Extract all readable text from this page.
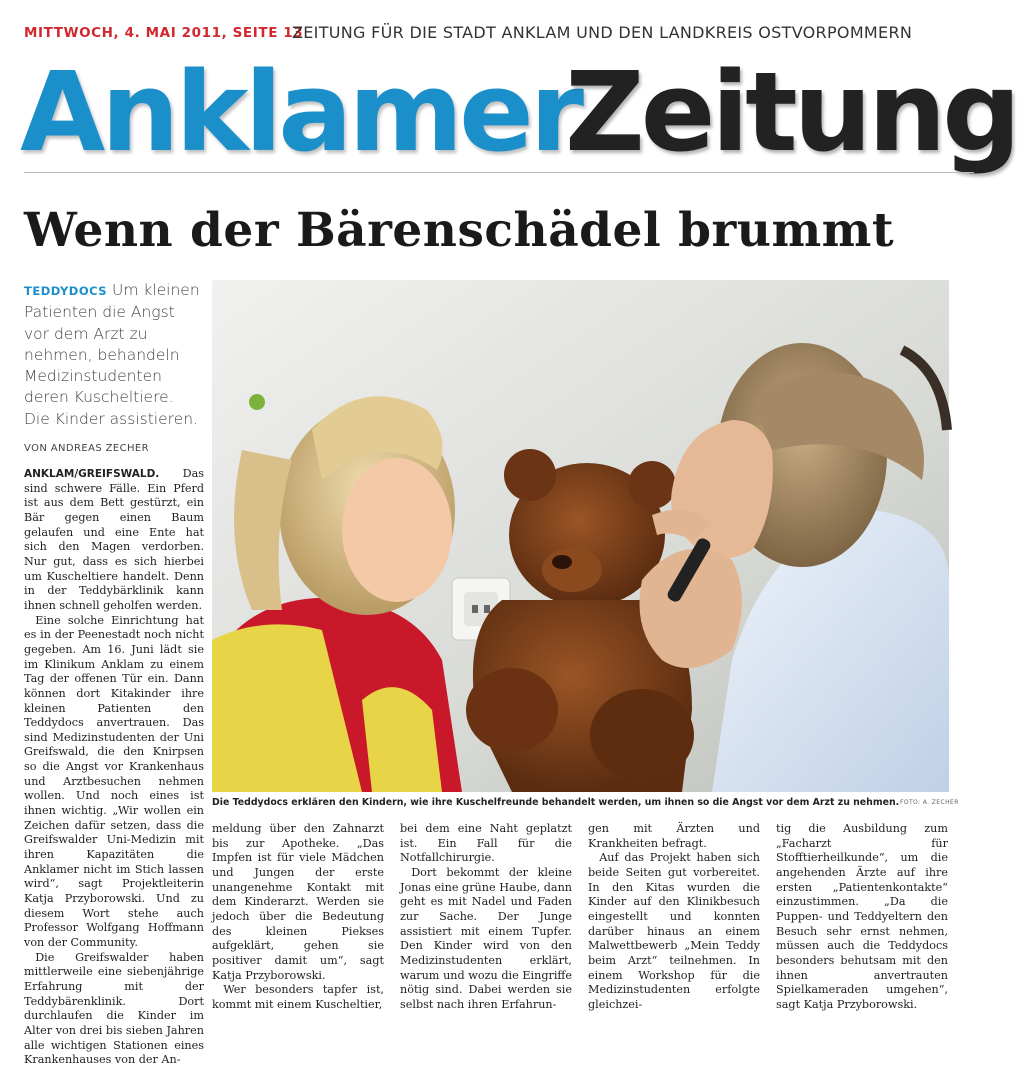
MITTWOCH, 4. MAI 2011, SEITE 13
ZEITUNG FÜR DIE STADT ANKLAM UND DEN LANDKREIS OSTVORPOMMERN
Anklamer
Zeitung
Wenn der Bärenschädel brummt
TEDDYDOCS Um kleinen Patienten die Angst vor dem Arzt zu nehmen, behandeln Medizinstudenten deren Kuscheltiere. Die Kinder assistieren.
VON ANDREAS ZECHER

ANKLAM/GREIFSWALD. Das sind schwere Fälle. Ein Pferd ist aus dem Bett gestürzt, ein Bär gegen einen Baum gelaufen und eine Ente hat sich den Magen verdorben. Nur gut, dass es sich hierbei um Kuscheltiere handelt. Denn in der Teddybärklinik kann ihnen schnell geholfen werden.

Eine solche Einrichtung hat es in der Peenestadt noch nicht gegeben. Am 16. Juni lädt sie im Klinikum Anklam zu einem Tag der offenen Tür ein. Dann können dort Kitakinder ihre kleinen Patienten den Teddydocs anvertrauen. Das sind Medizinstudenten der Uni Greifswald, die den Knirpsen so die Angst vor Krankenhaus und Arztbesuchen nehmen wollen. Und noch eines ist ihnen wichtig. „Wir wollen ein Zeichen dafür setzen, dass die Greifswalder Uni-Medizin mit ihren Kapazitäten die Anklamer nicht im Stich lassen wird“, sagt Projektleiterin Katja Przyborowski. Und zu diesem Wort stehe auch Professor Wolfgang Hoffmann von der Community.

Die Greifswalder haben mittlerweile eine siebenjährige Erfahrung mit der Teddybärenklinik. Dort durchlaufen die Kinder im Alter von drei bis sieben Jahren alle wichtigen Stationen eines Krankenhauses von der An-

meldung über den Zahnarzt bis zur Apotheke. „Das Impfen ist für viele Mädchen und Jungen der erste unangenehme Kontakt mit dem Kinderarzt. Werden sie jedoch über die Bedeutung des kleinen Piekses aufgeklärt, gehen sie positiver damit um“, sagt Katja Przyborowski.

Wer besonders tapfer ist, kommt mit einem Kuscheltier,

bei dem eine Naht geplatzt ist. Ein Fall für die Notfallchirurgie.

Dort bekommt der kleine Jonas eine grüne Haube, dann geht es mit Nadel und Faden zur Sache. Der Junge assistiert mit einem Tupfer. Den Kinder wird von den Medizinstudenten erklärt, warum und wozu die Eingriffe nötig sind. Dabei werden sie selbst nach ihren Erfahrun-

gen mit Ärzten und Krankheiten befragt.

Auf das Projekt haben sich beide Seiten gut vorbereitet. In den Kitas wurden die Kinder auf den Klinikbesuch eingestellt und konnten darüber hinaus an einem Malwettbewerb „Mein Teddy beim Arzt“ teilnehmen. In einem Workshop für die Medizinstudenten erfolgte gleichzei-

tig die Ausbildung zum „Facharzt für Stofftierheilkunde“, um die angehenden Ärzte auf ihre ersten „Patientenkontakte“ einzustimmen. „Da die Puppen- und Teddyeltern den Besuch sehr ernst nehmen, müssen auch die Teddydocs besonders behutsam mit den ihnen anvertrauten Spielkameraden umgehen“, sagt Katja Przyborowski.

Die Teddydocs erklären den Kindern, wie ihre Kuschelfreunde behandelt werden, um ihnen so die Angst vor dem Arzt zu nehmen. FOTO: A. ZECHER
